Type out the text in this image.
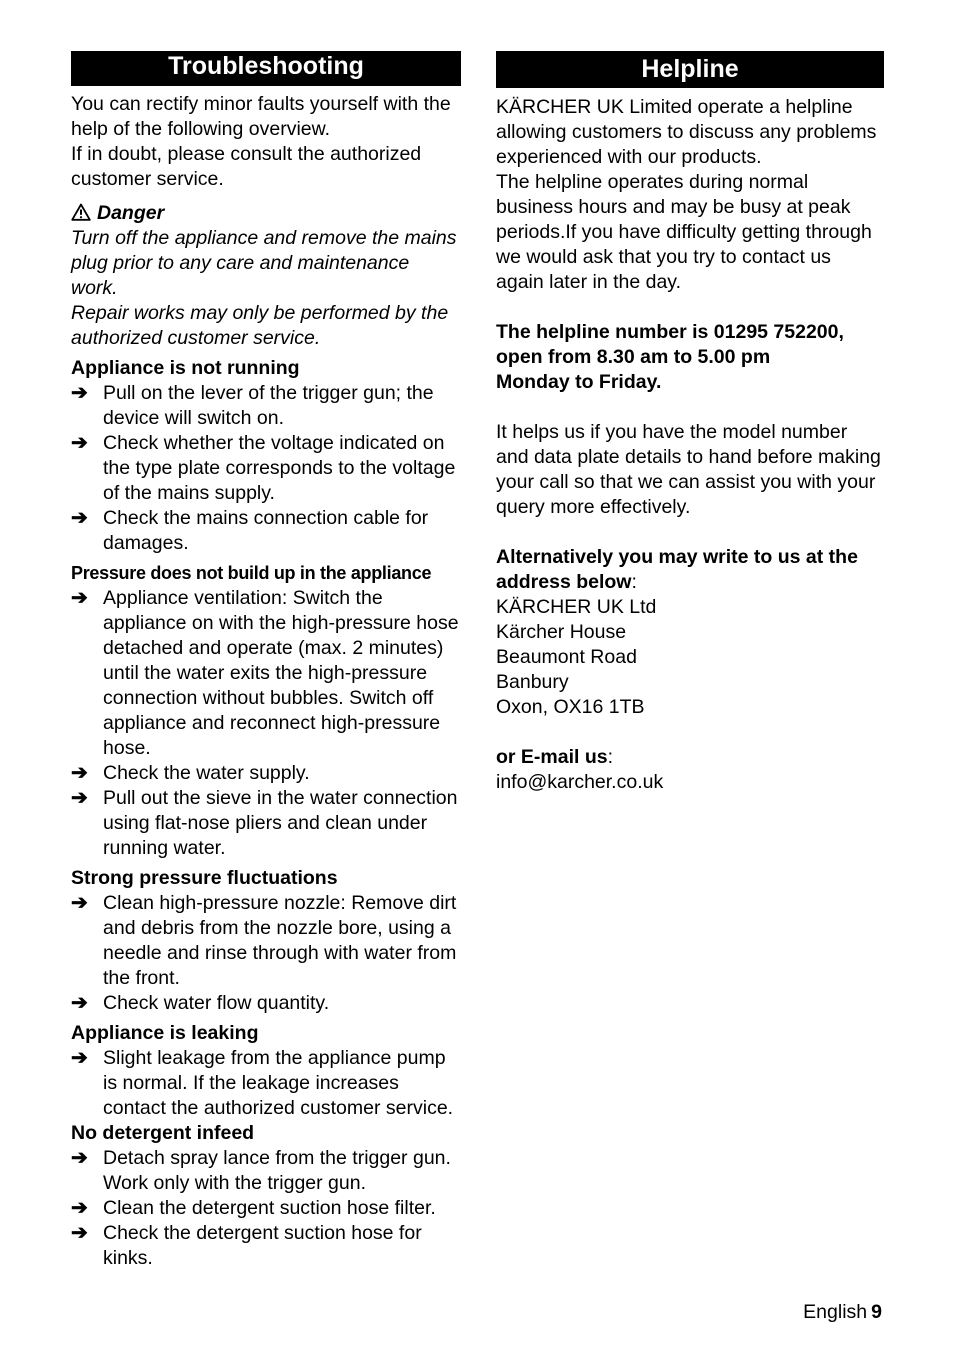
Troubleshooting

You can rectify minor faults yourself with the help of the following overview.

If in doubt, please consult the authorized customer service.

Danger

Turn off the appliance and remove the mains plug prior to any care and maintenance work.

Repair works may only be performed by the authorized customer service.

Appliance is not running
➔ Pull on the lever of the trigger gun; the device will switch on.
➔ Check whether the voltage indicated on the type plate corresponds to the voltage of the mains supply.
➔ Check the mains connection cable for damages.
Pressure does not build up in the appliance
➔ Appliance ventilation: Switch the appliance on with the high-pressure hose detached and operate (max. 2 minutes) until the water exits the high-pressure connection without bubbles. Switch off appliance and reconnect high-pressure hose.
➔ Check the water supply.
➔ Pull out the sieve in the water connection using flat-nose pliers and clean under running water.
Strong pressure fluctuations
➔ Clean high-pressure nozzle: Remove dirt and debris from the nozzle bore, using a needle and rinse through with water from the front.
➔ Check water flow quantity.
Appliance is leaking
➔ Slight leakage from the appliance pump is normal. If the leakage increases contact the authorized customer service.
No detergent infeed
➔ Detach spray lance from the trigger gun. Work only with the trigger gun.
➔ Clean the detergent suction hose filter.
➔ Check the detergent suction hose for kinks.
Helpline

KÄRCHER UK Limited operate a helpline allowing customers to discuss any problems experienced with our products.

The helpline operates during normal business hours and may be busy at peak periods.If you have difficulty getting through we would ask that you try to contact us again later in the day.

The helpline number is 01295 752200,

open from 8.30 am to 5.00 pm

Monday to Friday.

It helps us if you have the model number and data plate details to hand before making your call so that we can assist you with your query more effectively.

Alternatively you may write to us at the address below:

KÄRCHER UK Ltd

Kärcher House

Beaumont Road

Banbury

Oxon, OX16 1TB

or E-mail us:

info@karcher.co.uk

English 9
